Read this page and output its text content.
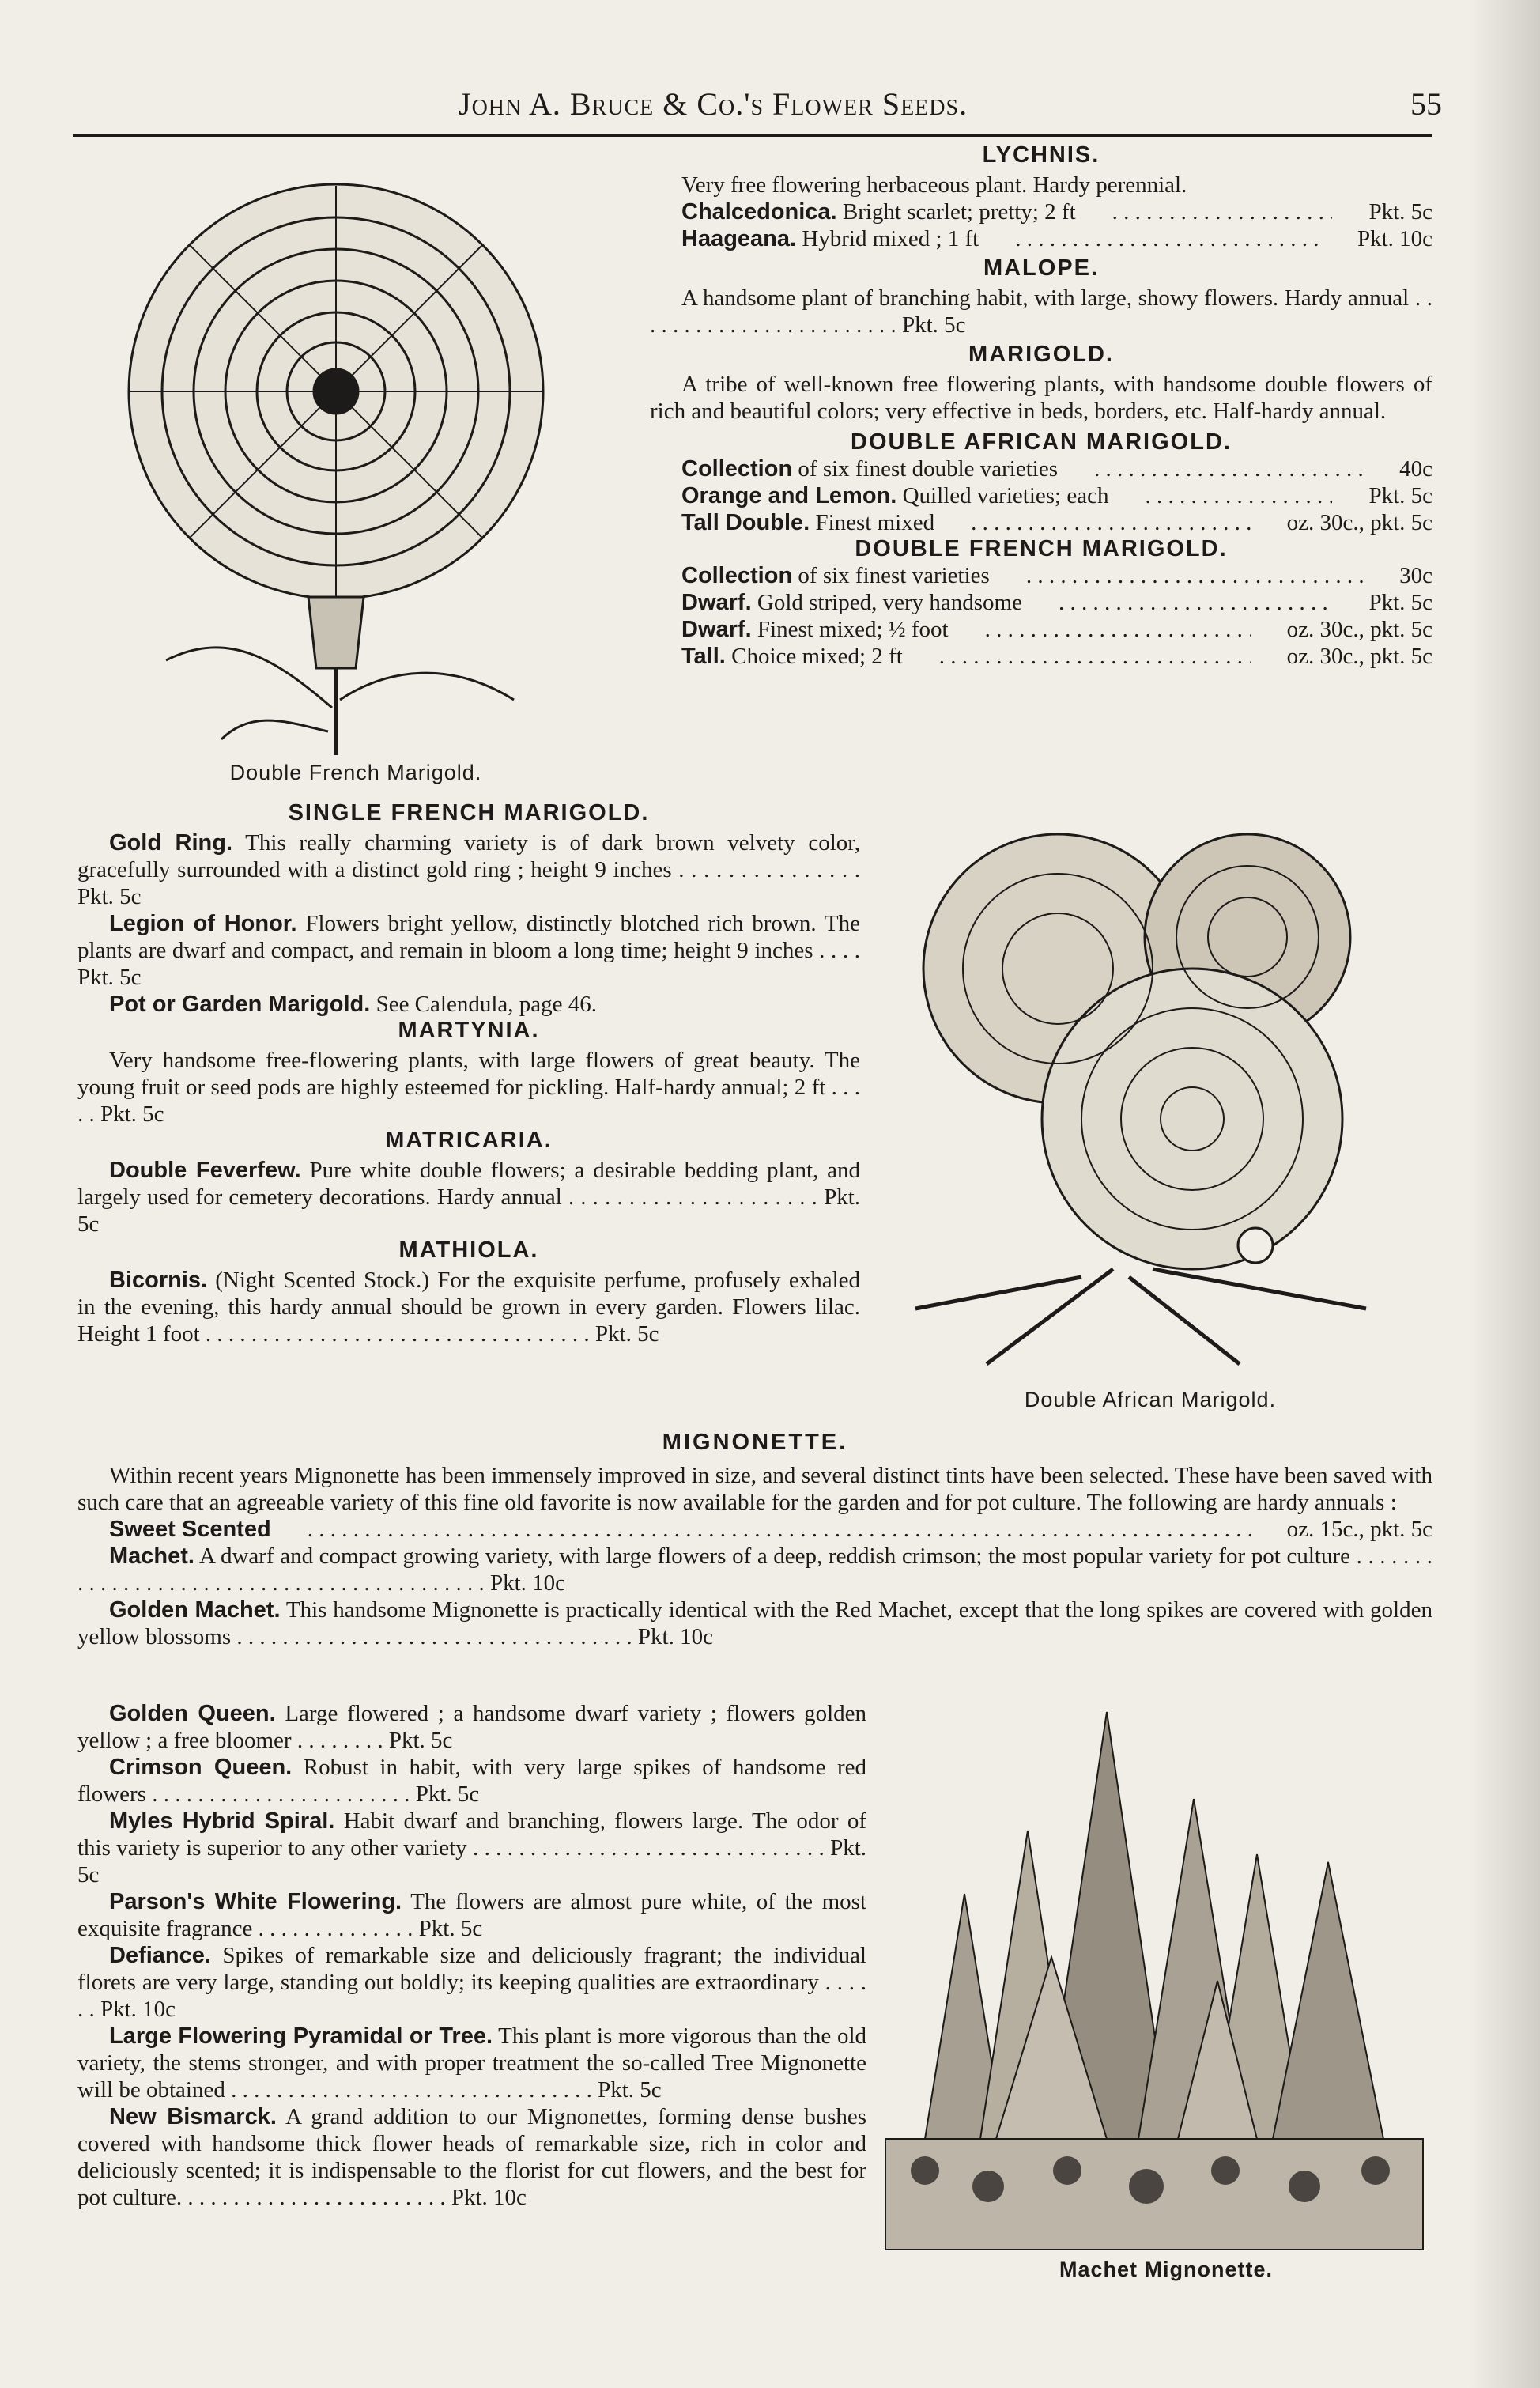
John A. Bruce & Co.'s Flower Seeds.	55
Double French Marigold.
LYCHNIS.
Very free flowering herbaceous plant. Hardy perennial.
Chalcedonica. Bright scarlet; pretty; 2 ft . . .	Pkt. 5c
Haageana. Hybrid mixed ; 1 ft . . .	Pkt. 10c
MALOPE.
A handsome plant of branching habit, with large, showy flowers. Hardy annual . . . . . . . . . . . . . . . . . . . . . . . . Pkt. 5c
MARIGOLD.
A tribe of well-known free flowering plants, with handsome double flowers of rich and beautiful colors; very effective in beds, borders, etc. Half-hardy annual.
DOUBLE AFRICAN MARIGOLD.
Collection of six finest double varieties . . .	40c
Orange and Lemon. Quilled varieties; each . . .	Pkt. 5c
Tall Double. Finest mixed . . .	oz. 30c., pkt. 5c
DOUBLE FRENCH MARIGOLD.
Collection of six finest varieties . . .	30c
Dwarf. Gold striped, very handsome . . .	Pkt. 5c
Dwarf. Finest mixed; ½ foot . . .	oz. 30c., pkt. 5c
Tall. Choice mixed; 2 ft . . .	oz. 30c., pkt. 5c
SINGLE FRENCH MARIGOLD.
Gold Ring. This really charming variety is of dark brown velvety color, gracefully surrounded with a distinct gold ring ; height 9 inches . . . . . . . . . . . . . . . Pkt. 5c
Legion of Honor. Flowers bright yellow, distinctly blotched rich brown. The plants are dwarf and compact, and remain in bloom a long time; height 9 inches . . . . Pkt. 5c
Pot or Garden Marigold. See Calendula, page 46.
MARTYNIA.
Very handsome free-flowering plants, with large flowers of great beauty. The young fruit or seed pods are highly esteemed for pickling. Half-hardy annual; 2 ft . . . . . Pkt. 5c
MATRICARIA.
Double Feverfew. Pure white double flowers; a desirable bedding plant, and largely used for cemetery decorations. Hardy annual . . . . . . . . . . . . . . . . . . . . . Pkt. 5c
MATHIOLA.
Bicornis. (Night Scented Stock.) For the exquisite perfume, profusely exhaled in the evening, this hardy annual should be grown in every garden. Flowers lilac. Height 1 foot . . . . . . . . . . . . . . . . . . . . . . . . . . . . . . . . . . Pkt. 5c
Double African Marigold.
MIGNONETTE.
Within recent years Mignonette has been immensely improved in size, and several distinct tints have been selected. These have been saved with such care that an agreeable variety of this fine old favorite is now available for the garden and for pot culture. The following are hardy annuals :
Sweet Scented . . .	oz. 15c., pkt. 5c
Machet. A dwarf and compact growing variety, with large flowers of a deep, reddish crimson; the most popular variety for pot culture . . . . . . . . . . . . . . . . . . . . . . . . . . . . . . . . . . . . . . . . . . . Pkt. 10c
Golden Machet. This handsome Mignonette is practically identical with the Red Machet, except that the long spikes are covered with golden yellow blossoms . . . . . . . . . . . . . . . . . . . . . . . . . . . . . . . . . . . Pkt. 10c
Golden Queen. Large flowered ; a handsome dwarf variety ; flowers golden yellow ; a free bloomer . . . . . . . . Pkt. 5c
Crimson Queen. Robust in habit, with very large spikes of handsome red flowers . . . . . . . . . . . . . . . . . . . . . . . Pkt. 5c
Myles Hybrid Spiral. Habit dwarf and branching, flowers large. The odor of this variety is superior to any other variety . . . . . . . . . . . . . . . . . . . . . . . . . . . . . . . Pkt. 5c
Parson's White Flowering. The flowers are almost pure white, of the most exquisite fragrance . . . . . . . . . . . . . . Pkt. 5c
Defiance. Spikes of remarkable size and deliciously fragrant; the individual florets are very large, standing out boldly; its keeping qualities are extraordinary . . . . . . Pkt. 10c
Large Flowering Pyramidal or Tree. This plant is more vigorous than the old variety, the stems stronger, and with proper treatment the so-called Tree Mignonette will be obtained . . . . . . . . . . . . . . . . . . . . . . . . . . . . . . . . Pkt. 5c
New Bismarck. A grand addition to our Mignonettes, forming dense bushes covered with handsome thick flower heads of remarkable size, rich in color and deliciously scented; it is indispensable to the florist for cut flowers, and the best for pot culture. . . . . . . . . . . . . . . . . . . . . . . . Pkt. 10c
Machet Mignonette.
